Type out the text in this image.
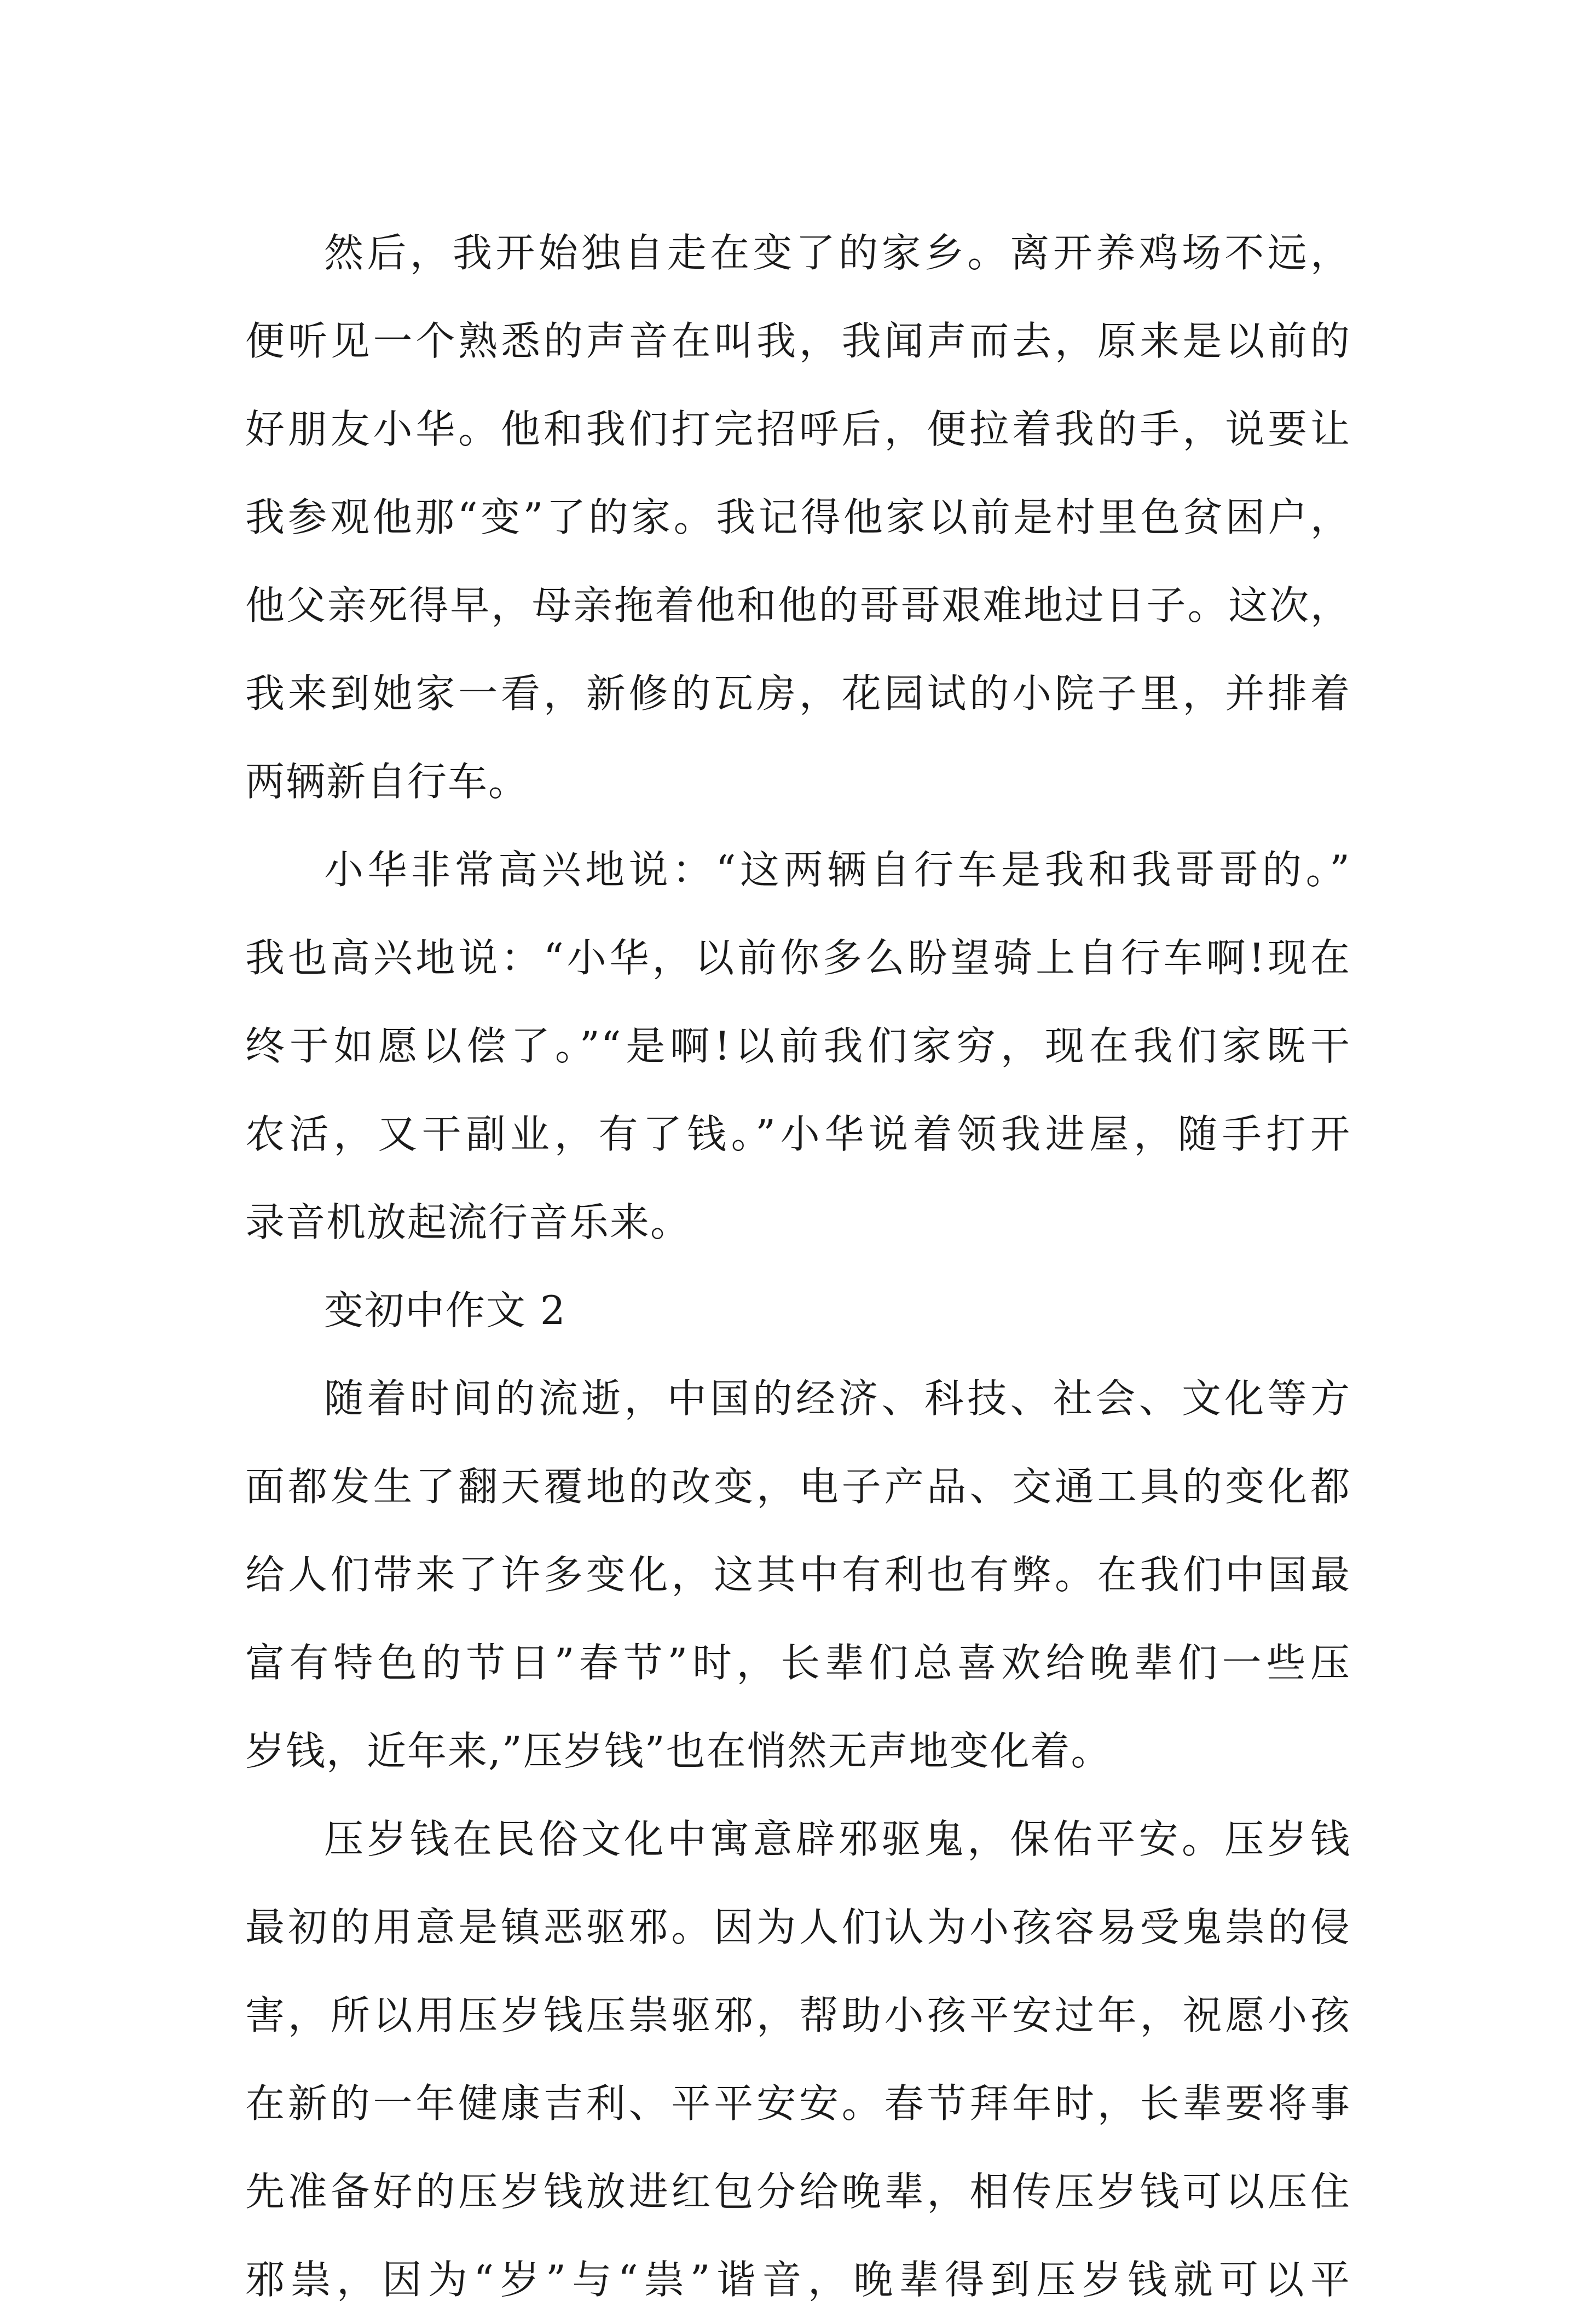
然后，我开始独自走在变了的家乡。离开养鸡场不远，
便听见一个熟悉的声音在叫我，我闻声而去，原来是以前的
好朋友小华。他和我们打完招呼后，便拉着我的手，说要让
我参观他那“变”了的家。我记得他家以前是村里色贫困户，
他父亲死得早，母亲拖着他和他的哥哥艰难地过日子。这次，
我来到她家一看，新修的瓦房，花园试的小院子里，并排着
两辆新自行车。
小华非常高兴地说：“这两辆自行车是我和我哥哥的。”
我也高兴地说：“小华，以前你多么盼望骑上自行车啊!现在
终于如愿以偿了。”“是啊!以前我们家穷，现在我们家既干
农活，又干副业，有了钱。”小华说着领我进屋，随手打开
录音机放起流行音乐来。
变初中作文 2
随着时间的流逝，中国的经济、科技、社会、文化等方
面都发生了翻天覆地的改变，电子产品、交通工具的变化都
给人们带来了许多变化，这其中有利也有弊。在我们中国最
富有特色的节日”春节”时，长辈们总喜欢给晚辈们一些压
岁钱，近年来,”压岁钱”也在悄然无声地变化着。
压岁钱在民俗文化中寓意辟邪驱鬼，保佑平安。压岁钱
最初的用意是镇恶驱邪。因为人们认为小孩容易受鬼祟的侵
害，所以用压岁钱压祟驱邪，帮助小孩平安过年，祝愿小孩
在新的一年健康吉利、平平安安。春节拜年时，长辈要将事
先准备好的压岁钱放进红包分给晚辈，相传压岁钱可以压住
邪祟，因为“岁”与“祟”谐音，晚辈得到压岁钱就可以平
